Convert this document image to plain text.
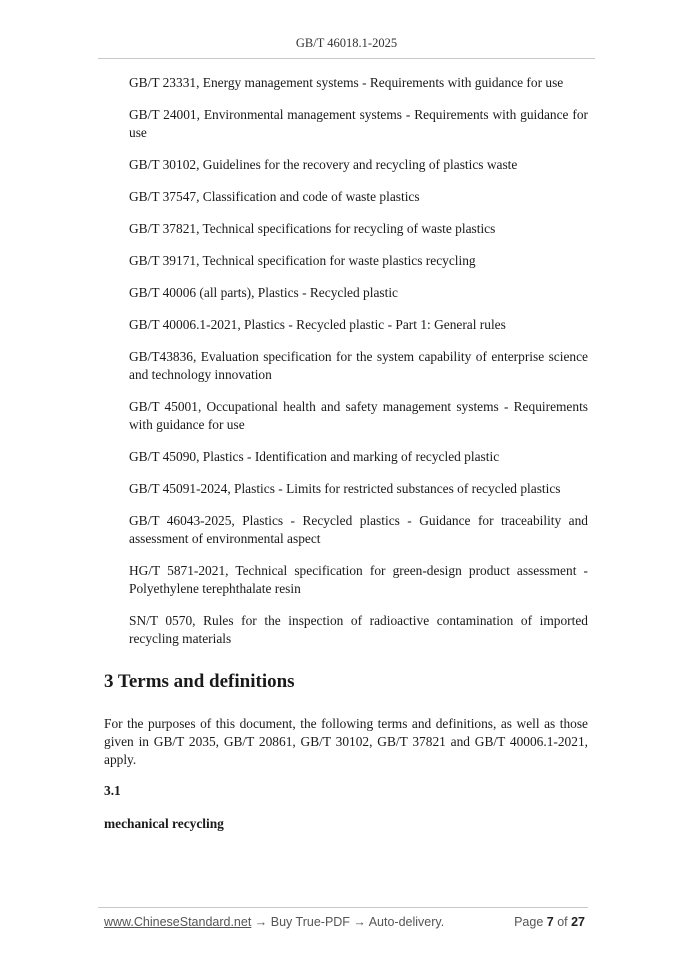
GB/T 46018.1-2025
GB/T 23331, Energy management systems - Requirements with guidance for use
GB/T 24001, Environmental management systems - Requirements with guidance for use
GB/T 30102, Guidelines for the recovery and recycling of plastics waste
GB/T 37547, Classification and code of waste plastics
GB/T 37821, Technical specifications for recycling of waste plastics
GB/T 39171, Technical specification for waste plastics recycling
GB/T 40006 (all parts), Plastics - Recycled plastic
GB/T 40006.1-2021, Plastics - Recycled plastic - Part 1: General rules
GB/T43836, Evaluation specification for the system capability of enterprise science and technology innovation
GB/T 45001, Occupational health and safety management systems - Requirements with guidance for use
GB/T 45090, Plastics - Identification and marking of recycled plastic
GB/T 45091-2024, Plastics - Limits for restricted substances of recycled plastics
GB/T 46043-2025, Plastics - Recycled plastics - Guidance for traceability and assessment of environmental aspect
HG/T 5871-2021, Technical specification for green-design product assessment - Polyethylene terephthalate resin
SN/T 0570, Rules for the inspection of radioactive contamination of imported recycling materials
3 Terms and definitions

For the purposes of this document, the following terms and definitions, as well as those given in GB/T 2035, GB/T 20861, GB/T 30102, GB/T 37821 and GB/T 40006.1-2021, apply.

3.1

mechanical recycling

www.ChineseStandard.net → Buy True-PDF → Auto-delivery.	Page 7 of 27
